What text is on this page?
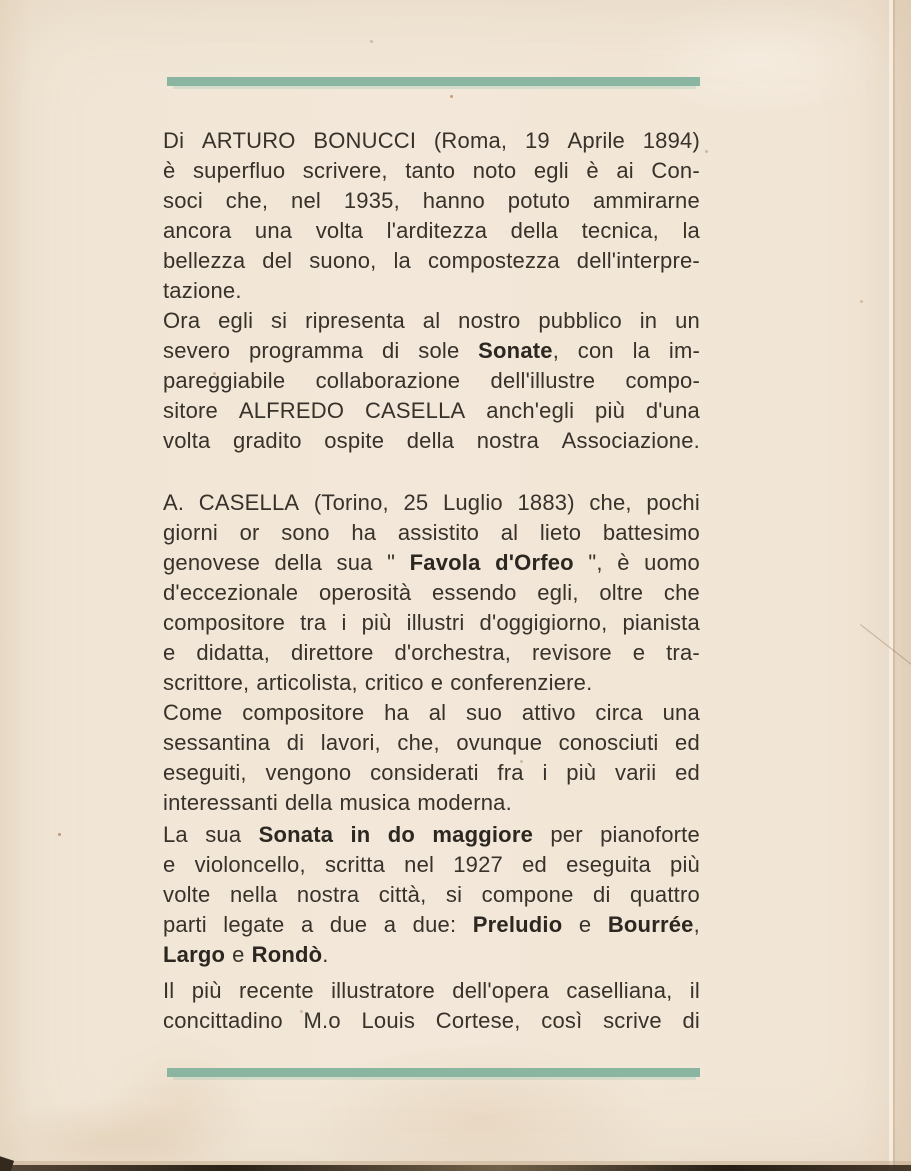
Di ARTURO BONUCCI (Roma, 19 Aprile 1894)
è superfluo scrivere, tanto noto egli è ai Con-
soci che, nel 1935, hanno potuto ammirarne
ancora una volta l'arditezza della tecnica, la
bellezza del suono, la compostezza dell'interpre-
tazione.
Ora egli si ripresenta al nostro pubblico in un
severo programma di sole Sonate, con la im-
pareggiabile collaborazione dell'illustre compo-
sitore ALFREDO CASELLA anch'egli più d'una
volta gradito ospite della nostra Associazione.
A. CASELLA (Torino, 25 Luglio 1883) che, pochi
giorni or sono ha assistito al lieto battesimo
genovese della sua " Favola d'Orfeo ", è uomo
d'eccezionale operosità essendo egli, oltre che
compositore tra i più illustri d'oggigiorno, pianista
e didatta, direttore d'orchestra, revisore e tra-
scrittore, articolista, critico e conferenziere.
Come compositore ha al suo attivo circa una
sessantina di lavori, che, ovunque conosciuti ed
eseguiti, vengono considerati fra i più varii ed
interessanti della musica moderna.
La sua Sonata in do maggiore per pianoforte
e violoncello, scritta nel 1927 ed eseguita più
volte nella nostra città, si compone di quattro
parti legate a due a due: Preludio e Bourrée,
Largo e Rondò.
Il più recente illustratore dell'opera caselliana, il
concittadino M.o Louis Cortese, così scrive di
